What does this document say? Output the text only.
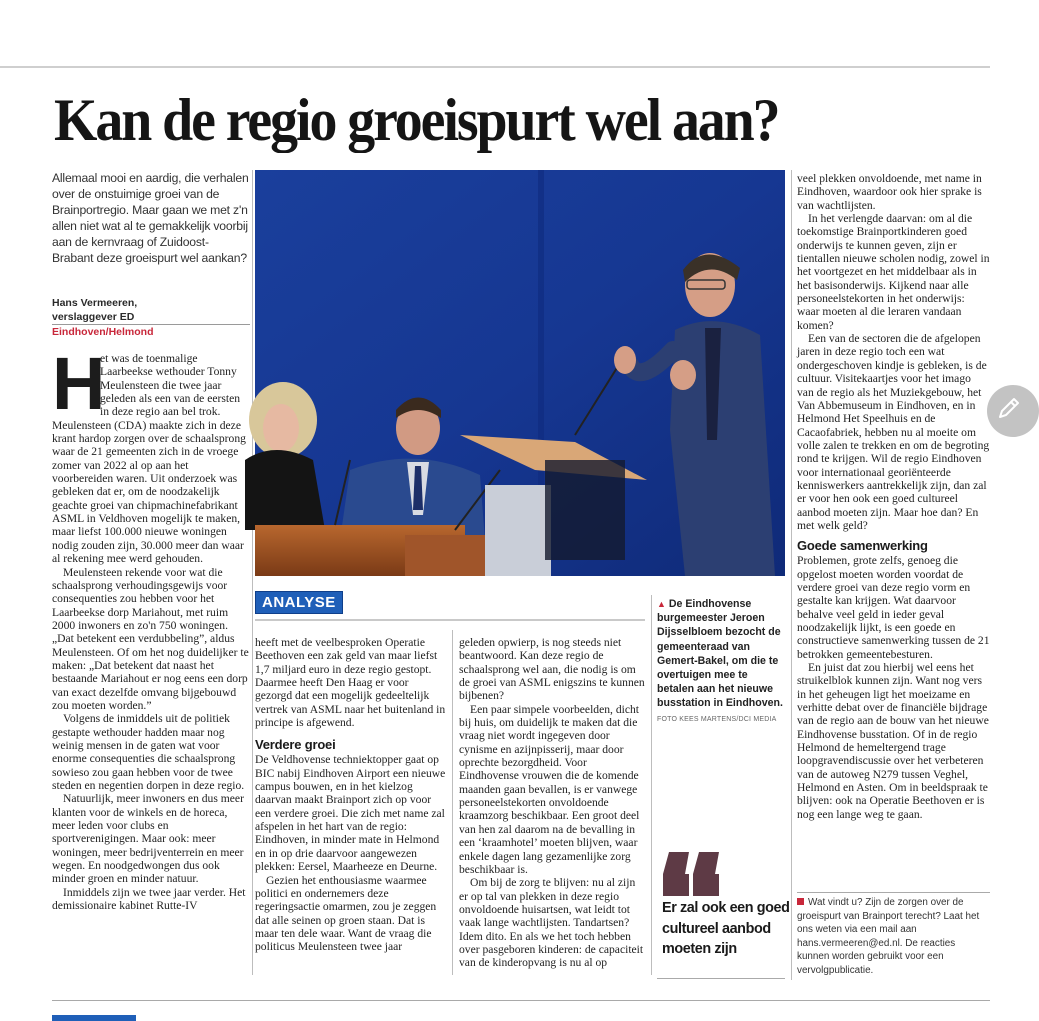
Kan de regio groeispurt wel aan?
Allemaal mooi en aardig, die verhalen over de onstuimige groei van de Brainportregio. Maar gaan we met z'n allen niet wat al te gemakkelijk voorbij aan de kernvraag of Zuidoost-Brabant deze groeispurt wel aankan?
Hans Vermeeren,
verslaggever ED
Eindhoven/Helmond

H
et was de toenmalige Laarbeekse wethouder Tonny Meulensteen die twee jaar geleden als een van de eersten in deze regio aan bel trok. Meulensteen (CDA) maakte zich in deze krant hardop zorgen over de schaalsprong waar de 21 gemeenten zich in de vroege zomer van 2022 al op aan het voorbereiden waren. Uit onderzoek was gebleken dat er, om de noodzakelijk geachte groei van chipmachinefabrikant ASML in Veldhoven mogelijk te maken, maar liefst 100.000 nieuwe woningen nodig zouden zijn, 30.000 meer dan waar al rekening mee werd gehouden.

Meulensteen rekende voor wat die schaalsprong verhoudingsgewijs voor consequenties zou hebben voor het Laarbeekse dorp Mariahout, met ruim 2000 inwoners en zo'n 750 woningen. „Dat betekent een verdubbeling”, aldus Meulensteen. Of om het nog duidelijker te maken: „Dat betekent dat naast het bestaande Mariahout er nog eens een dorp van exact dezelfde omvang bijgebouwd zou moeten worden.”

Volgens de inmiddels uit de politiek gestapte wethouder hadden maar nog weinig mensen in de gaten wat voor enorme consequenties die schaalsprong sowieso zou gaan hebben voor de twee steden en negentien dorpen in deze regio.

Natuurlijk, meer inwoners en dus meer klanten voor de winkels en de horeca, meer leden voor clubs en sportverenigingen. Maar ook: meer woningen, meer bedrijventerrein en meer wegen. En noodgedwongen dus ook minder groen en minder natuur.

Inmiddels zijn we twee jaar verder. Het demissionaire kabinet Rutte-IV

ANALYSE

heeft met de veelbesproken Operatie Beethoven een zak geld van maar liefst 1,7 miljard euro in deze regio gestopt. Daarmee heeft Den Haag er voor gezorgd dat een mogelijk gedeeltelijk vertrek van ASML naar het buitenland in principe is afgewend.

Verdere groei

De Veldhovense techniektopper gaat op BIC nabij Eindhoven Airport een nieuwe campus bouwen, en in het kielzog daarvan maakt Brainport zich op voor een verdere groei. Die zich met name zal afspelen in het hart van de regio: Eindhoven, in minder mate in Helmond en in op drie daarvoor aangewezen plekken: Eersel, Maarheeze en Deurne.

Gezien het enthousiasme waarmee politici en ondernemers deze regeringsactie omarmen, zou je zeggen dat alle seinen op groen staan. Dat is maar ten dele waar. Want de vraag die politicus Meulensteen twee jaar

geleden opwierp, is nog steeds niet beantwoord. Kan deze regio de schaalsprong wel aan, die nodig is om de groei van ASML enigszins te kunnen bijbenen?

Een paar simpele voorbeelden, dicht bij huis, om duidelijk te maken dat die vraag niet wordt ingegeven door cynisme en azijnpisserij, maar door oprechte bezorgdheid. Voor Eindhovense vrouwen die de komende maanden gaan bevallen, is er vanwege personeelstekorten onvoldoende kraamzorg beschikbaar. Een groot deel van hen zal daarom na de bevalling in een ‘kraamhotel’ moeten blijven, waar enkele dagen lang gezamenlijke zorg beschikbaar is.

Om bij de zorg te blijven: nu al zijn er op tal van plekken in deze regio onvoldoende huisartsen, wat leidt tot vaak lange wachtlijsten. Tandartsen? Idem dito. En als we het toch hebben over pasgeboren kinderen: de capaciteit van de kinderopvang is nu al op

▲ De Eindhovense burgemeester Jeroen Dijsselbloem bezocht de gemeenteraad van Gemert-Bakel, om die te overtuigen mee te betalen aan het nieuwe busstation in Eindhoven. FOTO KEES MARTENS/DCI MEDIA
Er zal ook een goed cultureel aanbod moeten zijn

veel plekken onvoldoende, met name in Eindhoven, waardoor ook hier sprake is van wachtlijsten.

In het verlengde daarvan: om al die toekomstige Brainportkinderen goed onderwijs te kunnen geven, zijn er tientallen nieuwe scholen nodig, zowel in het voortgezet en het middelbaar als in het basisonderwijs. Kijkend naar alle personeelstekorten in het onderwijs: waar moeten al die leraren vandaan komen?

Een van de sectoren die de afgelopen jaren in deze regio toch een wat ondergeschoven kindje is gebleken, is de cultuur. Visitekaartjes voor het imago van de regio als het Muziekgebouw, het Van Abbemuseum in Eindhoven, en in Helmond Het Speelhuis en de Cacaofabriek, hebben nu al moeite om volle zalen te trekken en om de begroting rond te krijgen. Wil de regio Eindhoven voor internationaal georiënteerde kenniswerkers aantrekkelijk zijn, dan zal er voor hen ook een goed cultureel aanbod moeten zijn. Maar hoe dan? En met welk geld?

Goede samenwerking

Problemen, grote zelfs, genoeg die opgelost moeten worden voordat de verdere groei van deze regio vorm en gestalte kan krijgen. Wat daarvoor behalve veel geld in ieder geval noodzakelijk lijkt, is een goede en constructieve samenwerking tussen de 21 betrokken gemeentebesturen.

En juist dat zou hierbij wel eens het struikelblok kunnen zijn. Want nog vers in het geheugen ligt het moeizame en verhitte debat over de financiële bijdrage van de regio aan de bouw van het nieuwe Eindhovense busstation. Of in de regio Helmond de hemeltergend trage loopgravendiscussie over het verbeteren van de autoweg N279 tussen Veghel, Helmond en Asten. Om in beeldspraak te blijven: ook na Operatie Beethoven er is nog een lange weg te gaan.

Wat vindt u? Zijn de zorgen over de groeispurt van Brainport terecht? Laat het ons weten via een mail aan hans.vermeeren@ed.nl. De reacties kunnen worden gebruikt voor een vervolgpublicatie.
